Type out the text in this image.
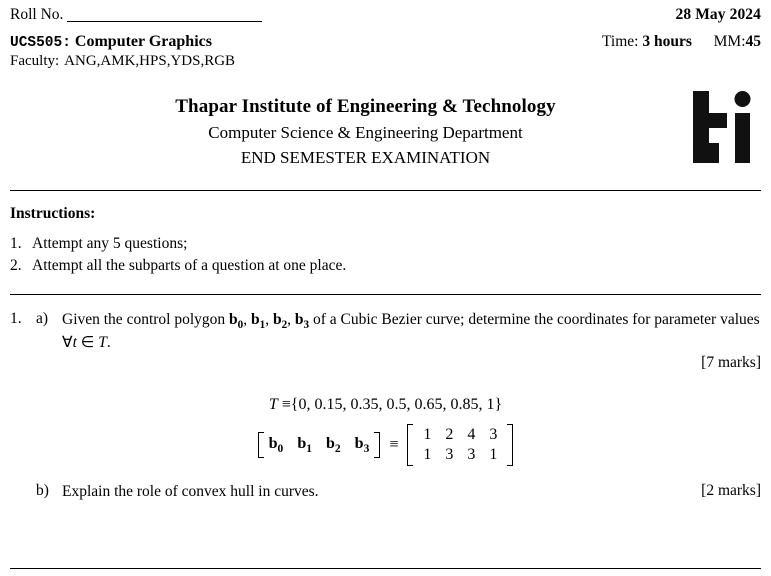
Roll No.	28 May 2024
UCS505: Computer Graphics	Time: 3 hours MM:45
Faculty: ANG,AMK,HPS,YDS,RGB
Thapar Institute of Engineering & Technology
Computer Science & Engineering Department
END SEMESTER EXAMINATION
Instructions:
1. Attempt any 5 questions;
2. Attempt all the subparts of a question at one place.
1. a) Given the control polygon $b_0$, $b_1$, $b_2$, $b_3$ of a Cubic Bezier curve; determine the coordinates for parameter values ∀t ∈ T.
[7 marks]
T ≡{0, 0.15, 0.35, 0.5, 0.65, 0.85, 1}
$b_0$ $b_1$ $b_2$ $b_3$ ≡
1 2 4 3
1 3 3 1
b) Explain the role of convex hull in curves.	[2 marks]
